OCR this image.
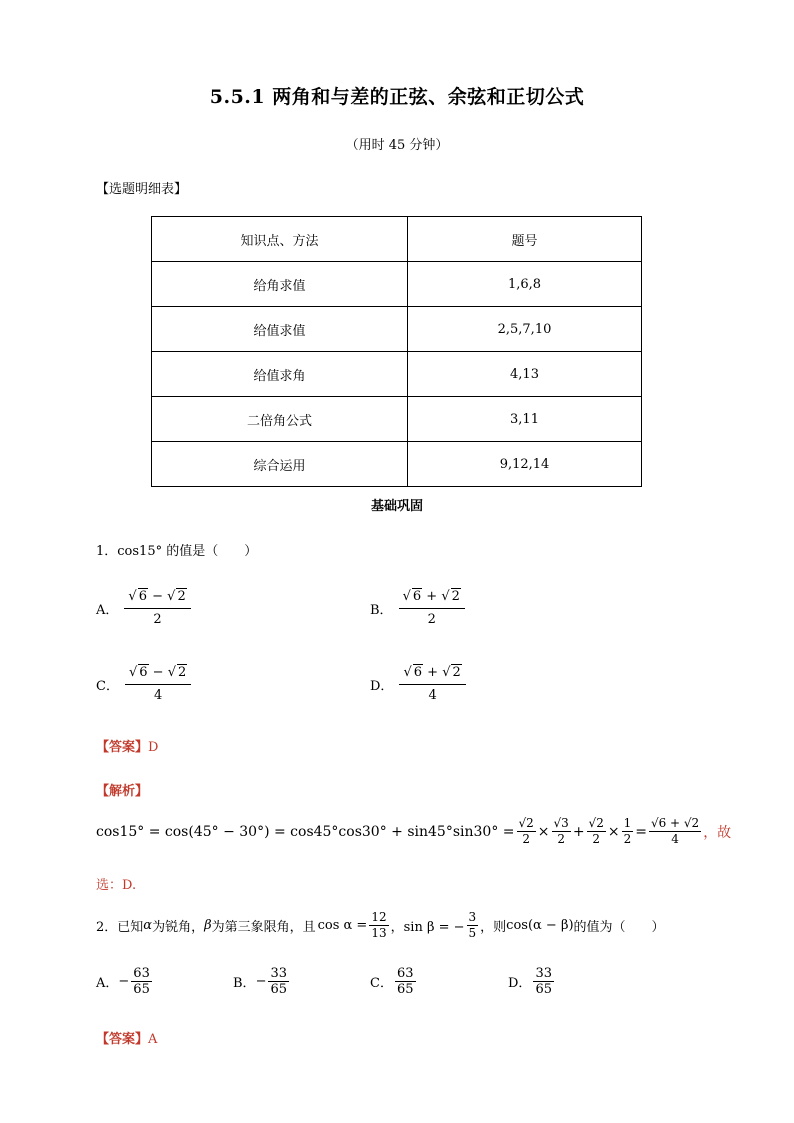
5.5.1 两角和与差的正弦、余弦和正切公式
（用时 45 分钟）
【选题明细表】
知识点、方法	题号
给角求值	1,6,8
给值求值	2,5,7,10
给值求角	4,13
二倍角公式	3,11
综合运用	9,12,14
基础巩固
1．cos15° 的值是（　　）
A． $\frac{√ 6 - √ 2}{2}$	B． $\frac{√ 6 + √ 2}{2}$
C． $\frac{√ 6 - √ 2}{4}$	D． $\frac{√ 6 + √ 2}{4}$
【答案】D
【解析】
$\cos 15^\circ = \cos(45^\circ - 30^\circ) = \cos 45^\circ\cos 30^\circ + \sin 45^\circ\sin 30^\circ = \frac{√2}{2} \times \frac{√3}{2} + \frac{√2}{2} \times \frac{1}{2} = \frac{√6 + √2}{4}$ ，故
选：D.
2．已知 α 为锐角， β 为第三象限角，且 $\cos \alpha = \frac{12}{13}$ ，sin β = − $\frac{3}{5}$ ，则 cos(α − β) 的值为（　　）
A． − $\frac{63}{65}$	B． − $\frac{33}{65}$	C． $\frac{63}{65}$	D． $\frac{33}{65}$
【答案】A
